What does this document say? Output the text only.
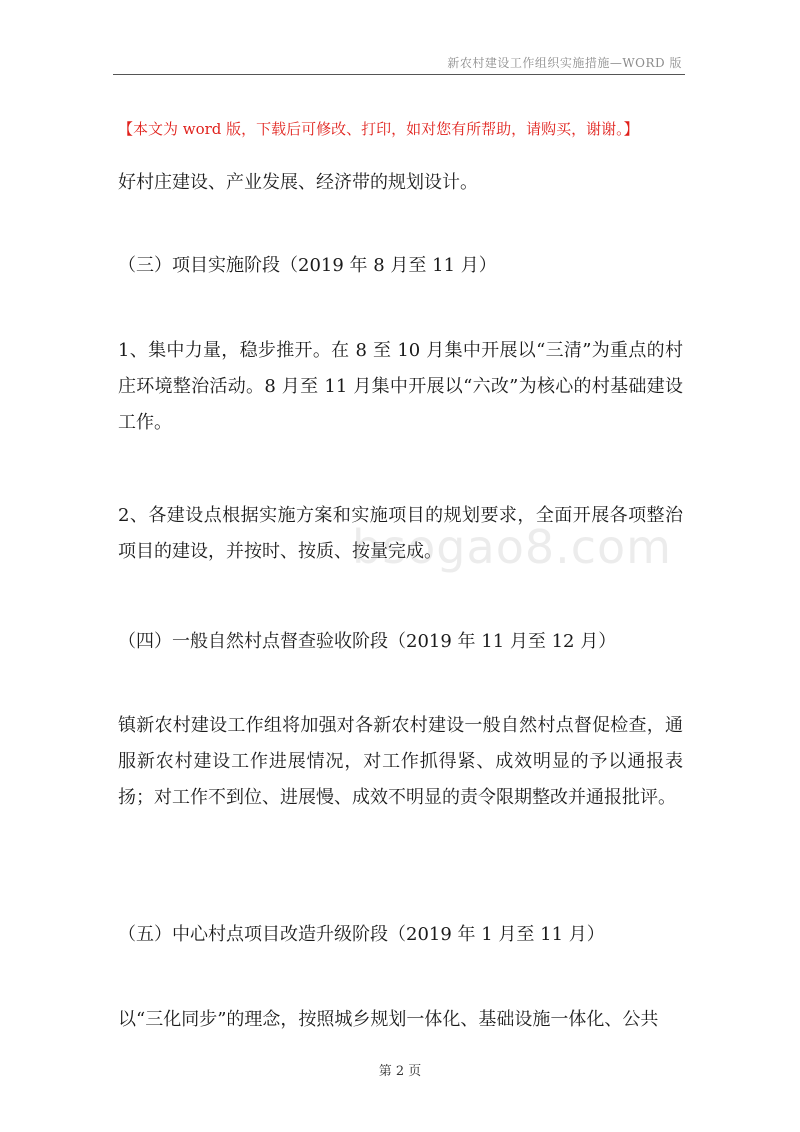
新农村建设工作组织实施措施—WORD 版
【本文为 word 版，下载后可修改、打印，如对您有所帮助，请购买，谢谢。】

好村庄建设、产业发展、经济带的规划设计。

（三）项目实施阶段（2019 年 8 月至 11 月）

1、集中力量，稳步推开。在 8 至 10 月集中开展以“三清”为重点的村庄环境整治活动。8 月至 11 月集中开展以“六改”为核心的村基础建设工作。

2、各建设点根据实施方案和实施项目的规划要求，全面开展各项整治项目的建设，并按时、按质、按量完成。

（四）一般自然村点督查验收阶段（2019 年 11 月至 12 月）

镇新农村建设工作组将加强对各新农村建设一般自然村点督促检查，通服新农村建设工作进展情况，对工作抓得紧、成效明显的予以通报表扬；对工作不到位、进展慢、成效不明显的责令限期整改并通报批评。

（五）中心村点项目改造升级阶段（2019 年 1 月至 11 月）

以“三化同步”的理念，按照城乡规划一体化、基础设施一体化、公共

bsogao8.com
第 2 页
